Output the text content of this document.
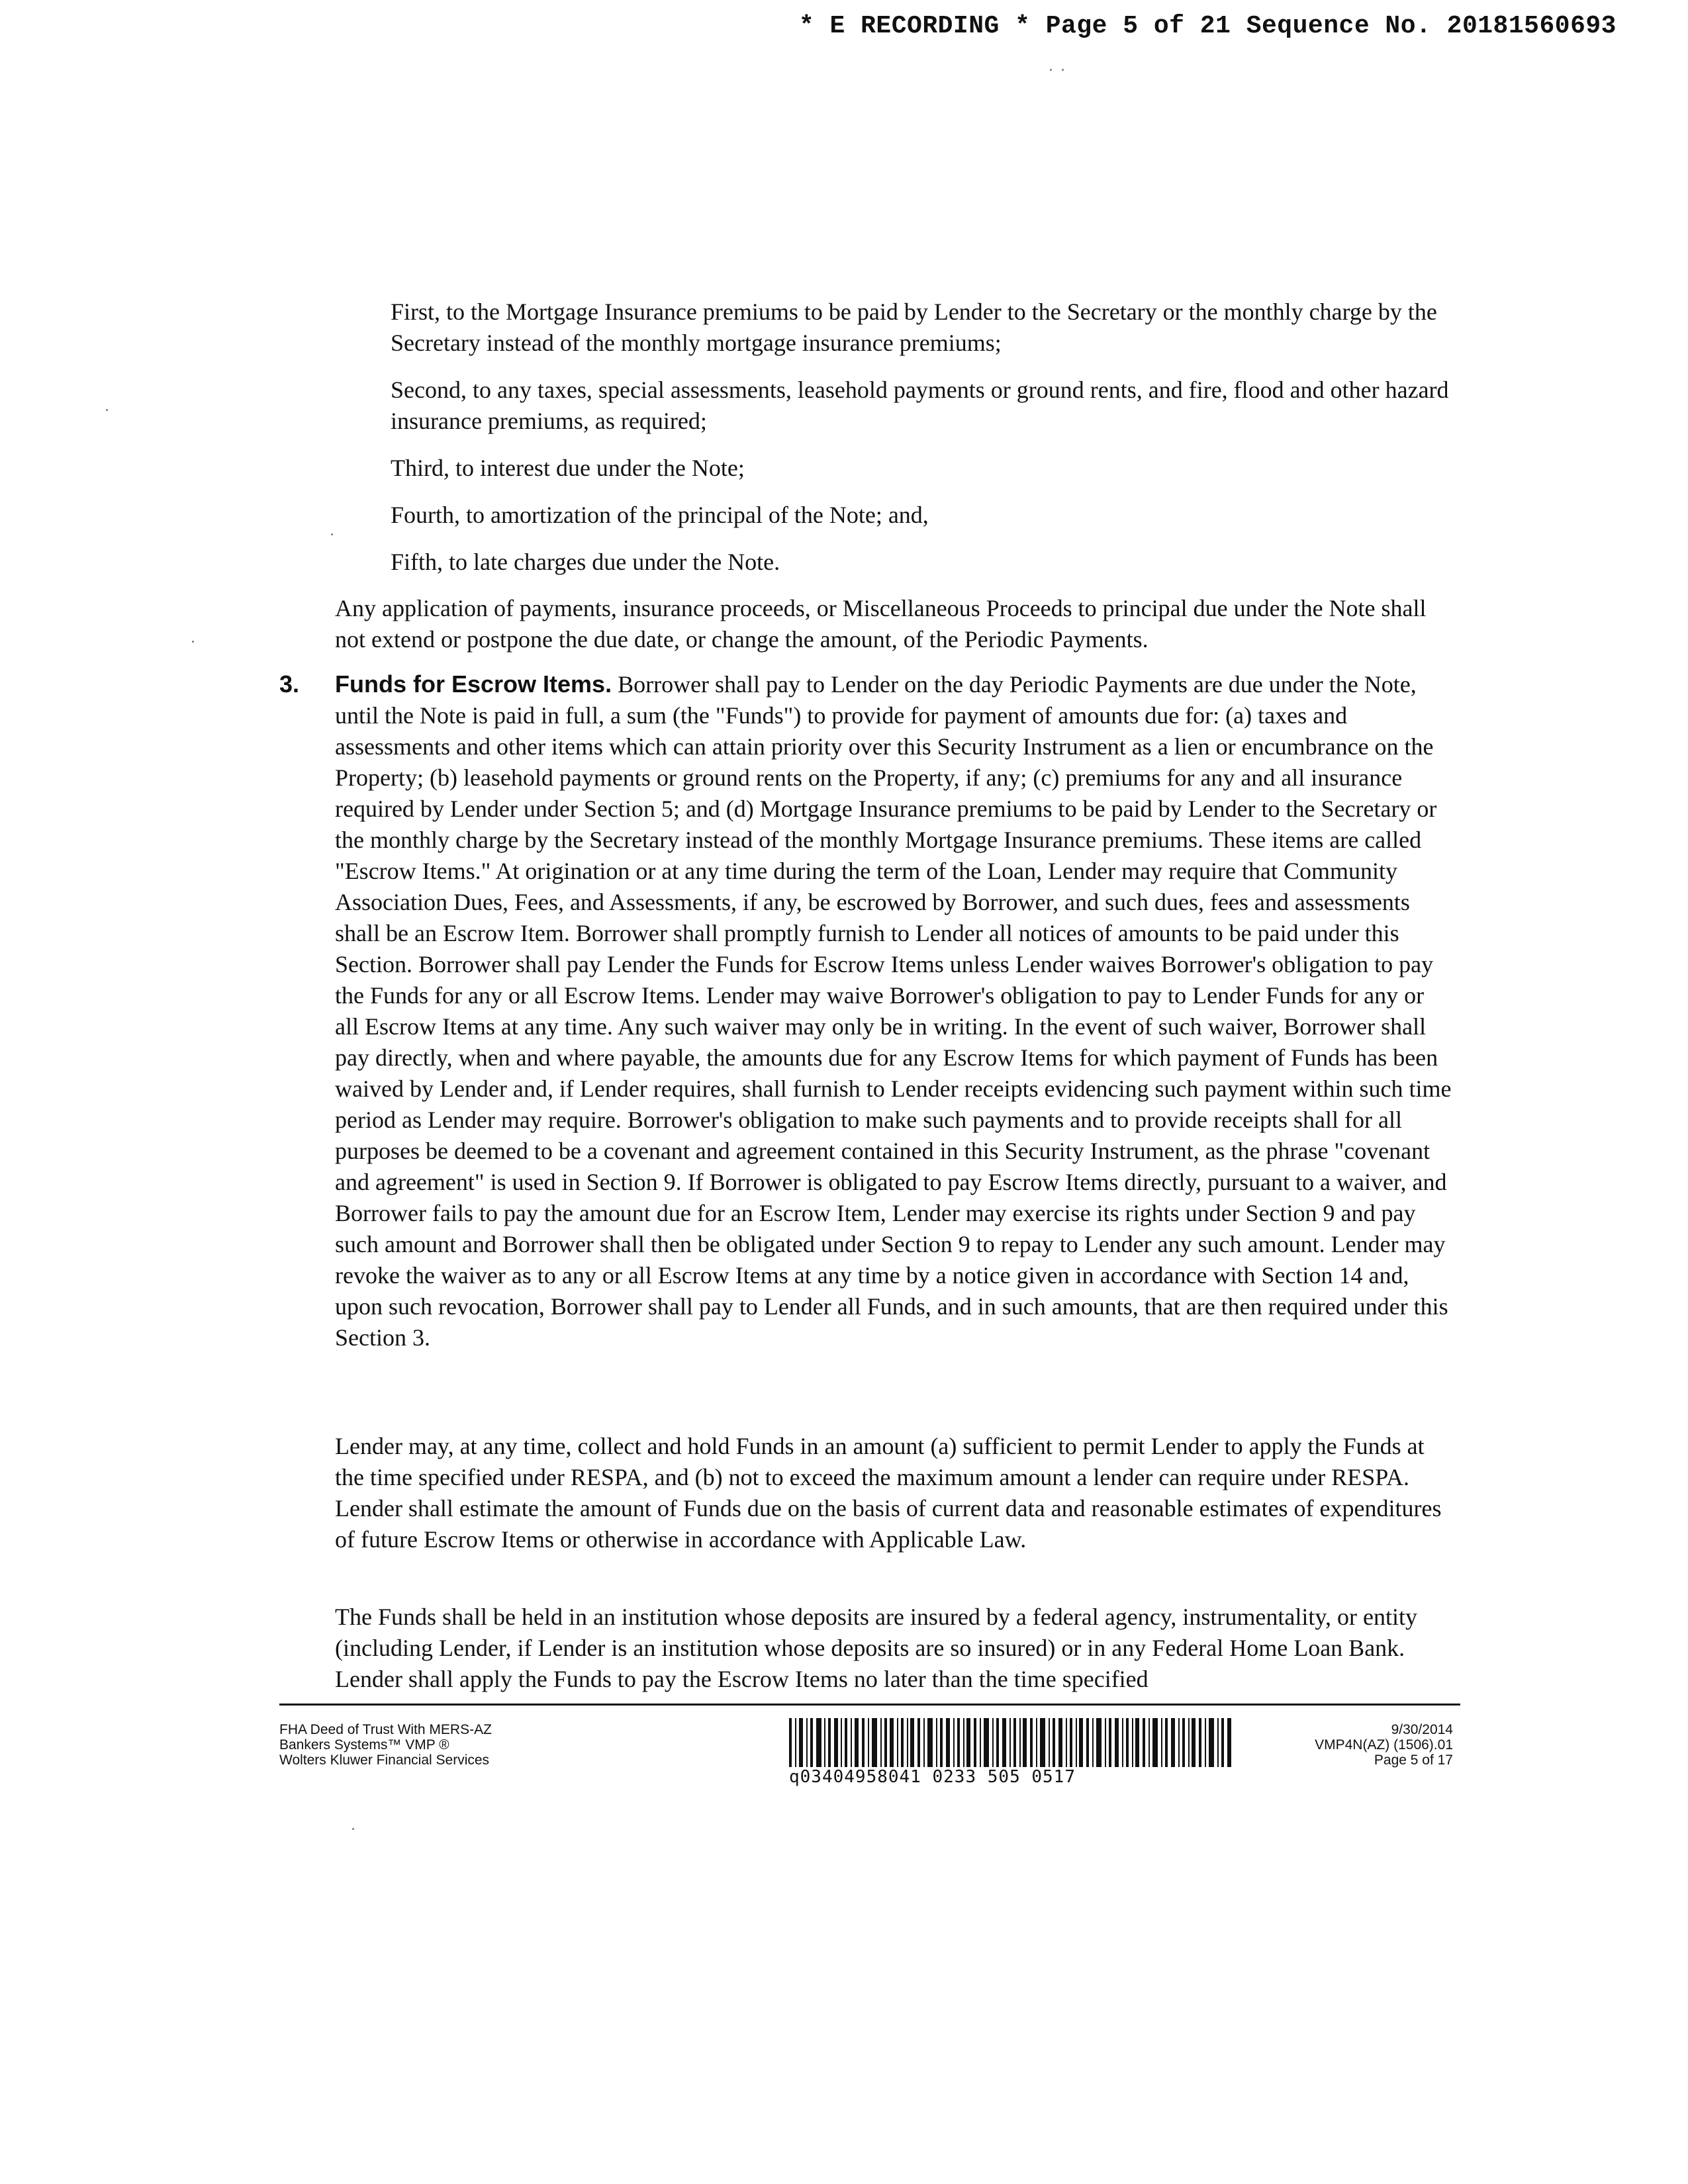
* E RECORDING * Page 5 of 21 Sequence No. 20181560693

First, to the Mortgage Insurance premiums to be paid by Lender to the Secretary or the monthly charge by the Secretary instead of the monthly mortgage insurance premiums;

Second, to any taxes, special assessments, leasehold payments or ground rents, and fire, flood and other hazard insurance premiums, as required;

Third, to interest due under the Note;

Fourth, to amortization of the principal of the Note; and,

Fifth, to late charges due under the Note.

Any application of payments, insurance proceeds, or Miscellaneous Proceeds to principal due under the Note shall not extend or postpone the due date, or change the amount, of the Periodic Payments.

3. Funds for Escrow Items. Borrower shall pay to Lender on the day Periodic Payments are due under the Note, until the Note is paid in full, a sum (the "Funds") to provide for payment of amounts due for: (a) taxes and assessments and other items which can attain priority over this Security Instrument as a lien or encumbrance on the Property; (b) leasehold payments or ground rents on the Property, if any; (c) premiums for any and all insurance required by Lender under Section 5; and (d) Mortgage Insurance premiums to be paid by Lender to the Secretary or the monthly charge by the Secretary instead of the monthly Mortgage Insurance premiums. These items are called "Escrow Items." At origination or at any time during the term of the Loan, Lender may require that Community Association Dues, Fees, and Assessments, if any, be escrowed by Borrower, and such dues, fees and assessments shall be an Escrow Item. Borrower shall promptly furnish to Lender all notices of amounts to be paid under this Section. Borrower shall pay Lender the Funds for Escrow Items unless Lender waives Borrower's obligation to pay the Funds for any or all Escrow Items. Lender may waive Borrower's obligation to pay to Lender Funds for any or all Escrow Items at any time. Any such waiver may only be in writing. In the event of such waiver, Borrower shall pay directly, when and where payable, the amounts due for any Escrow Items for which payment of Funds has been waived by Lender and, if Lender requires, shall furnish to Lender receipts evidencing such payment within such time period as Lender may require. Borrower's obligation to make such payments and to provide receipts shall for all purposes be deemed to be a covenant and agreement contained in this Security Instrument, as the phrase "covenant and agreement" is used in Section 9. If Borrower is obligated to pay Escrow Items directly, pursuant to a waiver, and Borrower fails to pay the amount due for an Escrow Item, Lender may exercise its rights under Section 9 and pay such amount and Borrower shall then be obligated under Section 9 to repay to Lender any such amount. Lender may revoke the waiver as to any or all Escrow Items at any time by a notice given in accordance with Section 14 and, upon such revocation, Borrower shall pay to Lender all Funds, and in such amounts, that are then required under this Section 3.

Lender may, at any time, collect and hold Funds in an amount (a) sufficient to permit Lender to apply the Funds at the time specified under RESPA, and (b) not to exceed the maximum amount a lender can require under RESPA. Lender shall estimate the amount of Funds due on the basis of current data and reasonable estimates of expenditures of future Escrow Items or otherwise in accordance with Applicable Law.

The Funds shall be held in an institution whose deposits are insured by a federal agency, instrumentality, or entity (including Lender, if Lender is an institution whose deposits are so insured) or in any Federal Home Loan Bank. Lender shall apply the Funds to pay the Escrow Items no later than the time specified

FHA Deed of Trust With MERS-AZ
Bankers Systems™ VMP ®
Wolters Kluwer Financial Services
q03404958041 0233 505 0517
9/30/2014
VMP4N(AZ) (1506).01
Page 5 of 17
